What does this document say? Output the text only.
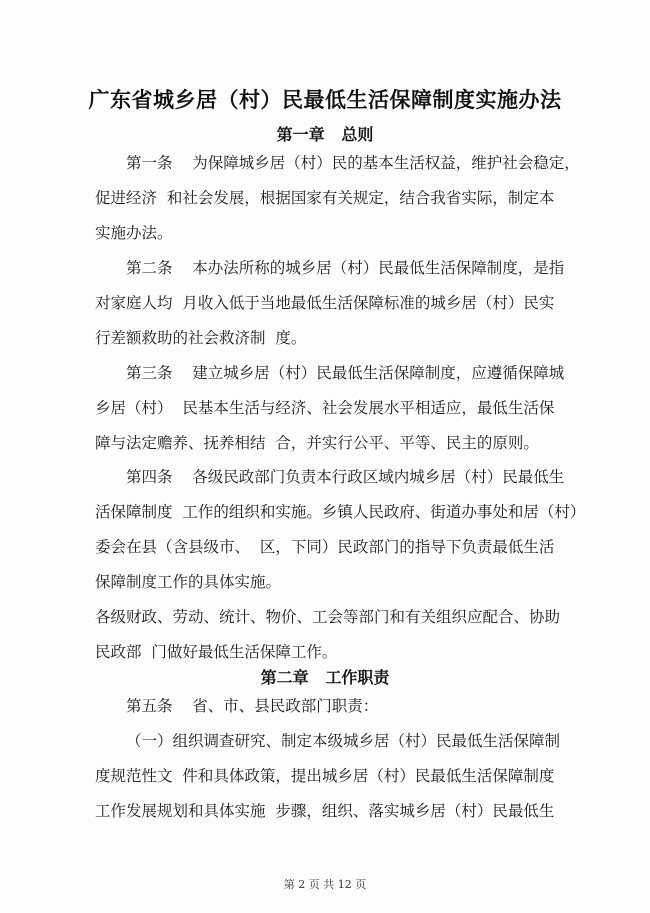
广东省城乡居（村）民最低生活保障制度实施办法
第一章   总则
第一条    为保障城乡居（村）民的基本生活权益，维护社会稳定，
促进经济  和社会发展，根据国家有关规定，结合我省实际，制定本
实施办法。
第二条    本办法所称的城乡居（村）民最低生活保障制度，是指
对家庭人均  月收入低于当地最低生活保障标准的城乡居（村）民实
行差额救助的社会救济制  度。
第三条    建立城乡居（村）民最低生活保障制度，应遵循保障城
乡居（村）  民基本生活与经济、社会发展水平相适应，最低生活保
障与法定赡养、抚养相结  合，并实行公平、平等、民主的原则。
第四条    各级民政部门负责本行政区域内城乡居（村）民最低生
活保障制度  工作的组织和实施。乡镇人民政府、街道办事处和居（村）
委会在县（含县级市、  区，下同）民政部门的指导下负责最低生活
保障制度工作的具体实施。
各级财政、劳动、统计、物价、工会等部门和有关组织应配合、协助
民政部  门做好最低生活保障工作。
第二章   工作职责
第五条    省、市、县民政部门职责：
（一）组织调查研究、制定本级城乡居（村）民最低生活保障制
度规范性文  件和具体政策，提出城乡居（村）民最低生活保障制度
工作发展规划和具体实施  步骤，组织、落实城乡居（村）民最低生
第 2 页 共 12 页
